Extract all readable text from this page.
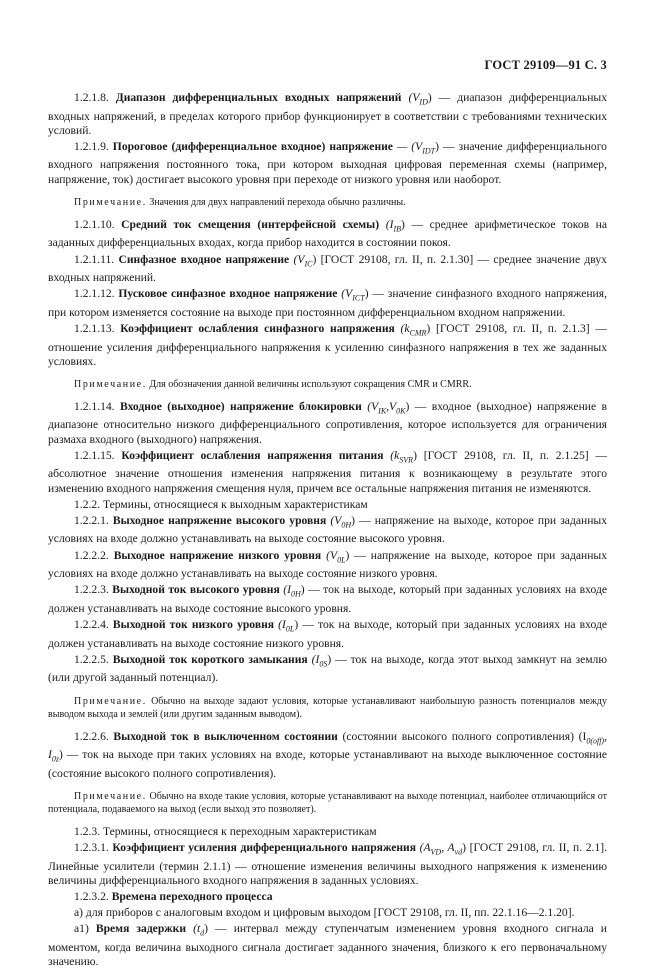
ГОСТ 29109—91 С. 3
1.2.1.8. Диапазон дифференциальных входных напряжений $(V_{ID})$ — диапазон дифференциальных входных напряжений, в пределах которого прибор функционирует в соответствии с требованиями технических условий.
1.2.1.9. Пороговое (дифференциальное входное) напряжение — $(V_{IDT})$ — значение дифференциального входного напряжения постоянного тока, при котором выходная цифровая переменная схемы (например, напряжение, ток) достигает высокого уровня при переходе от низкого уровня или наоборот.
Примечание. Значения для двух направлений перехода обычно различны.
1.2.1.10. Средний ток смещения (интерфейсной схемы) $(I_{IB})$ — среднее арифметическое токов на заданных дифференциальных входах, когда прибор находится в состоянии покоя.
1.2.1.11. Синфазное входное напряжение $(V_{IC})$ [ГОСТ 29108, гл. II, п. 2.1.30] — среднее значение двух входных напряжений.
1.2.1.12. Пусковое синфазное входное напряжение $(V_{ICT})$ — значение синфазного входного напряжения, при котором изменяется состояние на выходе при постоянном дифференциальном входном напряжении.
1.2.1.13. Коэффициент ослабления синфазного напряжения $(k_{CMR})$ [ГОСТ 29108, гл. II, п. 2.1.3] — отношение усиления дифференциального напряжения к усилению синфазного напряжения в тех же заданных условиях.
Примечание. Для обозначения данной величины используют сокращения CMR и CMRR.
1.2.1.14. Входное (выходное) напряжение блокировки $(V_{IK},V_{0K})$ — входное (выходное) напряжение в диапазоне относительно низкого дифференциального сопротивления, которое используется для ограничения размаха входного (выходного) напряжения.
1.2.1.15. Коэффициент ослабления напряжения питания $(k_{SVR})$ [ГОСТ 29108, гл. II, п. 2.1.25] — абсолютное значение отношения изменения напряжения питания к возникающему в результате этого изменению входного напряжения смещения нуля, причем все остальные напряжения питания не изменяются.
1.2.2. Термины, относящиеся к выходным характеристикам
1.2.2.1. Выходное напряжение высокого уровня $(V_{0H})$ — напряжение на выходе, которое при заданных условиях на входе должно устанавливать на выходе состояние высокого уровня.
1.2.2.2. Выходное напряжение низкого уровня $(V_{0L})$ — напряжение на выходе, которое при заданных условиях на входе должно устанавливать на выходе состояние низкого уровня.
1.2.2.3. Выходной ток высокого уровня $(I_{0H})$ — ток на выходе, который при заданных условиях на входе должен устанавливать на выходе состояние высокого уровня.
1.2.2.4. Выходной ток низкого уровня $(I_{0L})$ — ток на выходе, который при заданных условиях на входе должен устанавливать на выходе состояние низкого уровня.
1.2.2.5. Выходной ток короткого замыкания $(I_{0S})$ — ток на выходе, когда этот выход замкнут на землю (или другой заданный потенциал).
Примечание. Обычно на выходе задают условия, которые устанавливают наибольшую разность потенциалов между выводом выхода и землей (или другим заданным выводом).
1.2.2.6. Выходной ток в выключенном состоянии (состоянии высокого полного сопротивления) ($I_{0(off)}$, $I_{0z}$) — ток на выходе при таких условиях на входе, которые устанавливают на выходе выключенное состояние (состояние высокого полного сопротивления).
Примечание. Обычно на входе такие условия, которые устанавливают на выходе потенциал, наиболее отличающийся от потенциала, подаваемого на выход (если выход это позволяет).
1.2.3. Термины, относящиеся к переходным характеристикам
1.2.3.1. Коэффициент усиления дифференциального напряжения ($A_{VD}$, $A_{vd}$) [ГОСТ 29108, гл. II, п. 2.1]. Линейные усилители (термин 2.1.1) — отношение изменения величины выходного напряжения к изменению величины дифференциального входного напряжения в заданных условиях.
1.2.3.2. Времена переходного процесса
а) для приборов с аналоговым входом и цифровым выходом [ГОСТ 29108, гл. II, пп. 22.1.16—2.1.20].
а1) Время задержки $(t_d)$ — интервал между ступенчатым изменением уровня входного сигнала и моментом, когда величина выходного сигнала достигает заданного значения, близкого к его первоначальному значению.
